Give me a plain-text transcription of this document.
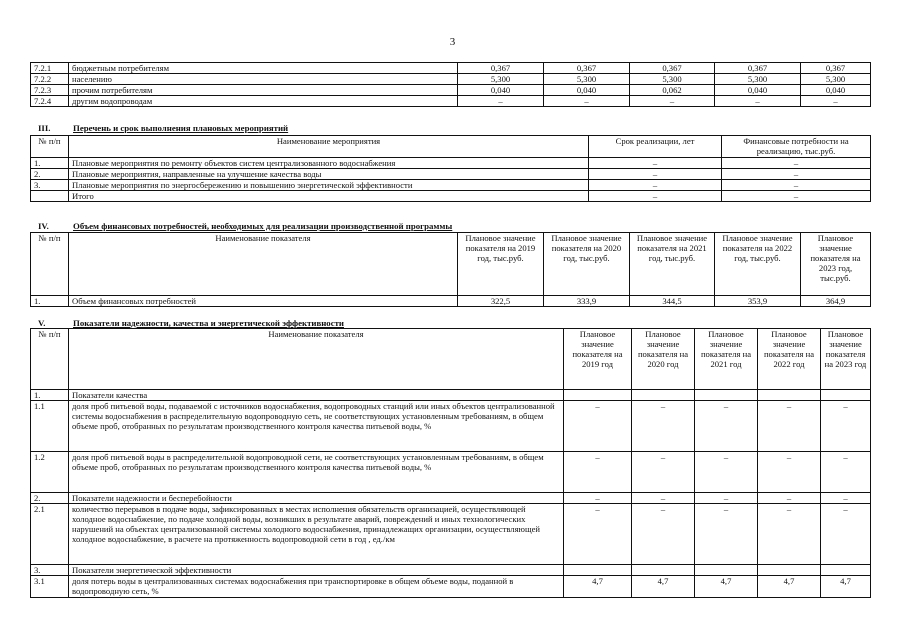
3
7.2.1	бюджетным потребителям	0,367	0,367	0,367	0,367	0,367
7.2.2	населению	5,300	5,300	5,300	5,300	5,300
7.2.3	прочим потребителям	0,040	0,040	0,062	0,040	0,040
7.2.4	другим водопроводам	–	–	–	–	–
III.	Перечень и срок выполнения плановых мероприятий
№ п/п	Наименование мероприятия	Срок реализации, лет	Финансовые потребности на реализацию, тыс.руб.
1.	Плановые мероприятия по ремонту объектов систем централизованного водоснабжения	–	–
2.	Плановые мероприятия, направленные на улучшение качества воды	–	–
3.	Плановые мероприятия по энергосбережению и повышению энергетической эффективности	–	–
	Итого	–	–
IV.	Объем финансовых потребностей, необходимых для реализации производственной программы
№ п/п	Наименование показателя	Плановое значение показателя на 2019 год, тыс.руб.	Плановое значение показателя на 2020 год, тыс.руб.	Плановое значение показателя на 2021 год, тыс.руб.	Плановое значение показателя на 2022 год, тыс.руб.	Плановое значение показателя на 2023 год, тыс.руб.
1.	Объем финансовых потребностей	322,5	333,9	344,5	353,9	364,9
V.	Показатели надежности, качества и энергетической эффективности
№ п/п	Наименование показателя	Плановое значение показателя на 2019 год	Плановое значение показателя на 2020 год	Плановое значение показателя на 2021 год	Плановое значение показателя на 2022 год	Плановое значение показателя на 2023 год
1.	Показатели качества					
1.1	доля проб питьевой воды, подаваемой с источников водоснабжения, водопроводных станций или иных объектов централизованной системы водоснабжения в распределительную водопроводную сеть, не соответствующих установленным требованиям, в общем объеме проб, отобранных по результатам производственного контроля качества питьевой воды, %	–	–	–	–	–
1.2	доля проб питьевой воды в распределительной водопроводной сети, не соответствующих установленным требованиям, в общем объеме проб, отобранных по результатам производственного контроля качества питьевой воды, %	–	–	–	–	–
2.	Показатели надежности и бесперебойности	–	–	–	–	–
2.1	количество перерывов в подаче воды, зафиксированных в местах исполнения обязательств организацией, осуществляющей холодное водоснабжение, по подаче холодной воды, возникших в результате аварий, повреждений и иных технологических нарушений на объектах централизованной системы холодного водоснабжения, принадлежащих организации, осуществляющей холодное водоснабжение, в расчете на протяженность водопроводной сети в год , ед./км	–	–	–	–	–
3.	Показатели энергетической эффективности					
3.1	доля потерь воды в централизованных системах водоснабжения при транспортировке в общем объеме воды, поданной в водопроводную сеть, %	4,7	4,7	4,7	4,7	4,7
